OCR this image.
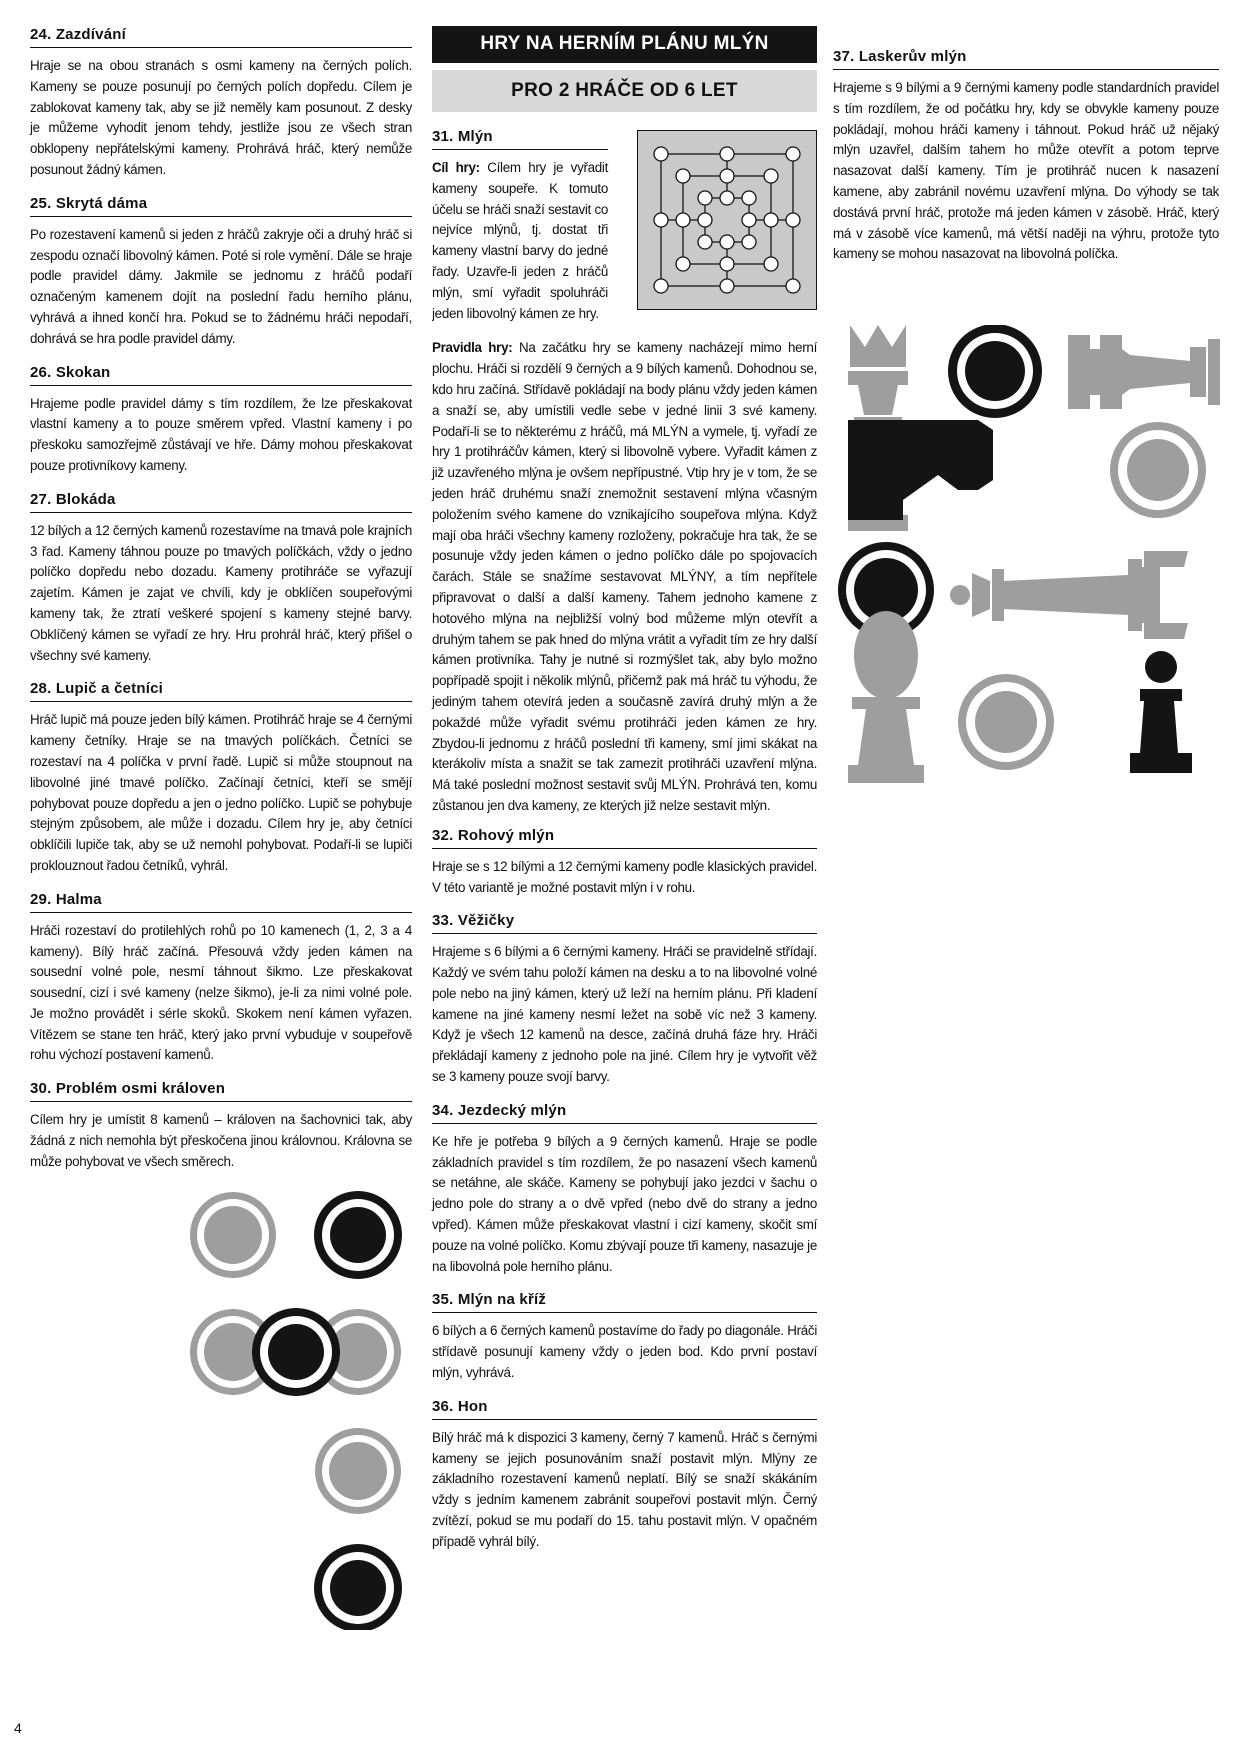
24. Zazdívání

Hraje se na obou stranách s osmi kameny na černých polích. Kameny se pouze posunují po černých polích dopředu. Cílem je zablokovat kameny tak, aby se již neměly kam posunout. Z desky je můžeme vyhodit jenom tehdy, jestliže jsou ze všech stran obklopeny nepřátelskými kameny. Prohrává hráč, který nemůže posunout žádný kámen.

25. Skrytá dáma

Po rozestavení kamenů si jeden z hráčů zakryje oči a druhý hráč si zespodu označí libovolný kámen. Poté si role vymění. Dále se hraje podle pravidel dámy. Jakmile se jednomu z hráčů podaří označeným kamenem dojít na poslední řadu herního plánu, vyhrává a ihned končí hra. Pokud se to žádnému hráči nepodaří, dohrává se hra podle pravidel dámy.

26. Skokan

Hrajeme podle pravidel dámy s tím rozdílem, že lze přeskakovat vlastní kameny a to pouze směrem vpřed. Vlastní kameny i po přeskoku samozřejmě zůstávají ve hře. Dámy mohou přeskakovat pouze protivníkovy kameny.

27. Blokáda

12 bílých a 12 černých kamenů rozestavíme na tmavá pole krajních 3 řad. Kameny táhnou pouze po tmavých políčkách, vždy o jedno políčko dopředu nebo dozadu. Kameny protihráče se vyřazují zajetím. Kámen je zajat ve chvíli, kdy je obklíčen soupeřovými kameny tak, že ztratí veškeré spojení s kameny stejné barvy. Obklíčený kámen se vyřadí ze hry. Hru prohrál hráč, který přišel o všechny své kameny.

28. Lupič a četníci

Hráč lupič má pouze jeden bílý kámen. Protihráč hraje se 4 černými kameny četníky. Hraje se na tmavých políčkách. Četníci se rozestaví na 4 políčka v první řadě. Lupič si může stoupnout na libovolné jiné tmavé políčko. Začínají četníci, kteří se smějí pohybovat pouze dopředu a jen o jedno políčko. Lupič se pohybuje stejným způsobem, ale může i dozadu. Cílem hry je, aby četníci obklíčili lupiče tak, aby se už nemohl pohybovat. Podaří-li se lupiči proklouznout řadou četníků, vyhrál.

29. Halma

Hráči rozestaví do protilehlých rohů po 10 kamenech (1, 2, 3 a 4 kameny). Bílý hráč začíná. Přesouvá vždy jeden kámen na sousední volné pole, nesmí táhnout šikmo. Lze přeskakovat sousední, cizí i své kameny (nelze šikmo), je-li za nimi volné pole. Je možno provádět i sérIe skoků. Skokem není kámen vyřazen. Vítězem se stane ten hráč, který jako první vybuduje v soupeřově rohu výchozí postavení kamenů.

30. Problém osmi královen

Cílem hry je umístit 8 kamenů – královen na šachovnici tak, aby žádná z nich nemohla být přeskočena jinou královnou. Královna se může pohybovat ve všech směrech.

HRY NA HERNÍM PLÁNU MLÝN
PRO 2 HRÁČE OD 6 LET
31. Mlýn

Cíl hry: Cílem hry je vyřadit kameny soupeře. K tomuto účelu se hráči snaží sestavit co nejvíce mlýnů, tj. dostat tři kameny vlastní barvy do jedné řady. Uzavře-li jeden z hráčů mlýn, smí vyřadit spoluhráči jeden libovolný kámen ze hry.

Pravidla hry: Na začátku hry se kameny nacházejí mimo herní plochu. Hráči si rozdělí 9 černých a 9 bílých kamenů. Dohodnou se, kdo hru začíná. Střídavě pokládají na body plánu vždy jeden kámen a snaží se, aby umístili vedle sebe v jedné linii 3 své kameny. Podaří-li se to některému z hráčů, má MLÝN a vymele, tj. vyřadí ze hry 1 protihráčův kámen, který si libovolně vybere. Vyřadit kámen z již uzavřeného mlýna je ovšem nepřípustné. Vtip hry je v tom, že se jeden hráč druhému snaží znemožnit sestavení mlýna včasným položením svého kamene do vznikajícího soupeřova mlýna. Když mají oba hráči všechny kameny rozloženy, pokračuje hra tak, že se posunuje vždy jeden kámen o jedno políčko dále po spojovacích čarách. Stále se snažíme sestavovat MLÝNY, a tím nepřítele připravovat o další a další kameny. Tahem jednoho kamene z hotového mlýna na nejbližší volný bod můžeme mlýn otevřít a druhým tahem se pak hned do mlýna vrátit a vyřadit tím ze hry další kámen protivníka. Tahy je nutné si rozmýšlet tak, aby bylo možno popřípadě spojit i několik mlýnů, přičemž pak má hráč tu výhodu, že jediným tahem otevírá jeden a současně zavírá druhý mlýn a že pokaždé může vyřadit svému protihráči jeden kámen ze hry. Zbydou-li jednomu z hráčů poslední tři kameny, smí jimi skákat na kterákoliv místa a snažit se tak zamezit protihráči uzavření mlýna. Má také poslední možnost sestavit svůj MLÝN. Prohrává ten, komu zůstanou jen dva kameny, ze kterých již nelze sestavit mlýn.

32. Rohový mlýn

Hraje se s 12 bílými a 12 černými kameny podle klasických pravidel. V této variantě je možné postavit mlýn i v rohu.

33. Věžičky

Hrajeme s 6 bílými a 6 černými kameny. Hráči se pravidelně střídají. Každý ve svém tahu položí kámen na desku a to na libovolné volné pole nebo na jiný kámen, který už leží na herním plánu. Při kladení kamene na jiné kameny nesmí ležet na sobě víc než 3 kameny. Když je všech 12 kamenů na desce, začíná druhá fáze hry. Hráči překládají kameny z jednoho pole na jiné. Cílem hry je vytvořit věž se 3 kameny pouze svojí barvy.

34. Jezdecký mlýn

Ke hře je potřeba 9 bílých a 9 černých kamenů. Hraje se podle základních pravidel s tím rozdílem, že po nasazení všech kamenů se netáhne, ale skáče. Kameny se pohybují jako jezdci v šachu o jedno pole do strany a o dvě vpřed (nebo dvě do strany a jedno vpřed). Kámen může přeskakovat vlastní i cizí kameny, skočit smí pouze na volné políčko. Komu zbývají pouze tři kameny, nasazuje je na libovolná pole herního plánu.

35. Mlýn na kříž

6 bílých a 6 černých kamenů postavíme do řady po diagonále. Hráči střídavě posunují kameny vždy o jeden bod. Kdo první postaví mlýn, vyhrává.

36. Hon

Bílý hráč má k dispozici 3 kameny, černý 7 kamenů. Hráč s černými kameny se jejich posunováním snaží postavit mlýn. Mlýny ze základního rozestavení kamenů neplatí. Bílý se snaží skákáním vždy s jedním kamenem zabránit soupeřovi postavit mlýn. Černý zvítězí, pokud se mu podaří do 15. tahu postavit mlýn. V opačném případě vyhrál bílý.

37. Laskerův mlýn

Hrajeme s 9 bílými a 9 černými kameny podle standardních pravidel s tím rozdílem, že od počátku hry, kdy se obvykle kameny pouze pokládají, mohou hráči kameny i táhnout. Pokud hráč už nějaký mlýn uzavřel, dalším tahem ho může otevřít a potom teprve nasazovat další kameny. Tím je protihráč nucen k nasazení kamene, aby zabránil novému uzavření mlýna. Do výhody se tak dostává první hráč, protože má jeden kámen v zásobě. Hráč, který má v zásobě více kamenů, má větší naději na výhru, protože tyto kameny se mohou nasazovat na libovolná políčka.

4
